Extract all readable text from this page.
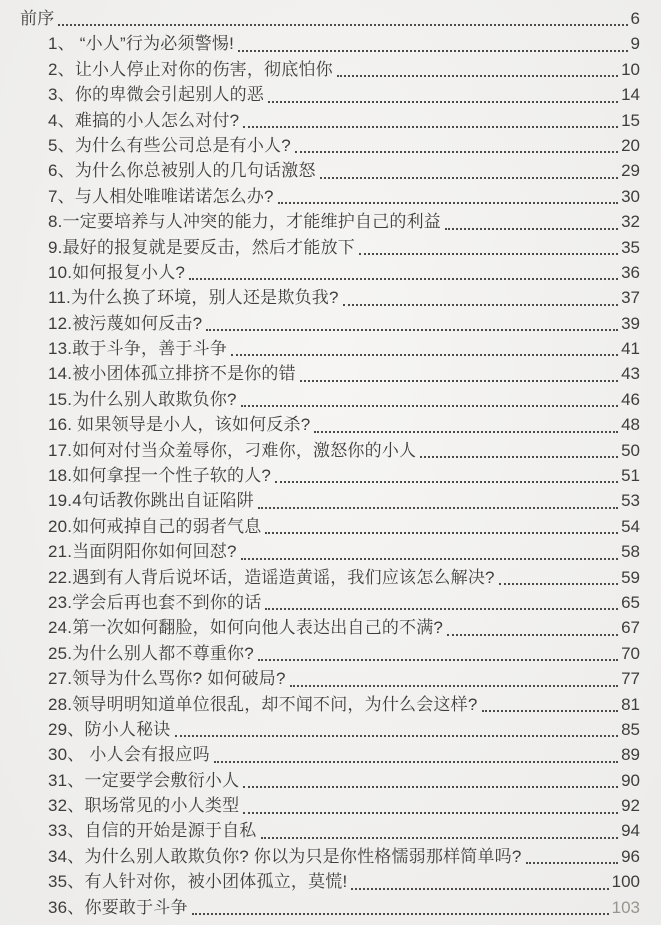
前序	6
1、 “小人”行为必须警惕!	9
2、让小人停止对你的伤害，彻底怕你	10
3、你的卑微会引起别人的恶	14
4、难搞的小人怎么对付?	15
5、为什么有些公司总是有小人?	20
6、为什么你总被别人的几句话激怒	29
7、与人相处唯唯诺诺怎么办?	30
8.一定要培养与人冲突的能力，才能维护自己的利益	32
9.最好的报复就是要反击，然后才能放下	35
10.如何报复小人?	36
11.为什么换了环境，别人还是欺负我?	37
12.被污蔑如何反击?	39
13.敢于斗争，善于斗争	41
14.被小团体孤立排挤不是你的错	43
15.为什么别人敢欺负你?	46
16. 如果领导是小人，该如何反杀?	48
17.如何对付当众羞辱你，刁难你，激怒你的小人	50
18.如何拿捏一个性子软的人?	51
19.4句话教你跳出自证陷阱	53
20.如何戒掉自己的弱者气息	54
21.当面阴阳你如何回怼?	58
22.遇到有人背后说坏话，造谣造黄谣，我们应该怎么解决?	59
23.学会后再也套不到你的话	65
24.第一次如何翻脸，如何向他人表达出自己的不满?	67
25.为什么别人都不尊重你?	70
27.领导为什么骂你? 如何破局?	77
28.领导明明知道单位很乱，却不闻不问，为什么会这样?	81
29、防小人秘诀	85
30、 小人会有报应吗	89
31、一定要学会敷衍小人	90
32、职场常见的小人类型	92
33、自信的开始是源于自私	94
34、为什么别人敢欺负你? 你以为只是你性格懦弱那样简单吗?	96
35、有人针对你，被小团体孤立，莫慌!	100
36、你要敢于斗争	103
